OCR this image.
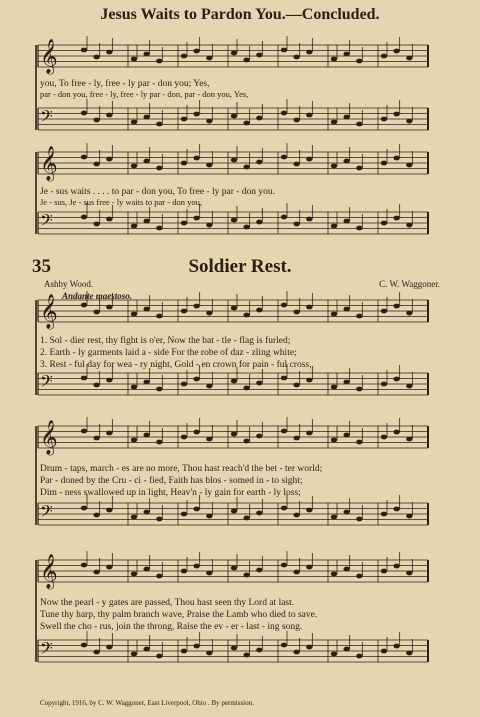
Jesus Waits to Pardon You.—Concluded.
𝄞
𝄢
𝄞
𝄢
𝄞
𝄢
𝄞
𝄢
𝄞
𝄢
you, To free - ly, free - ly par - don you; Yes,
par - don you, free - ly, free - ly par - don, par - don you, Yes,
Je - sus waits . . . . to par - don you, To free - ly par - don you.
Je - sus, Je - sus free - ly waits to par - don you,
35	Soldier Rest.
Ashby Wood.	C. W. Waggoner.
Andante maestoso.
1. Sol - dier rest, thy fight is o'er, Now the bat - tle - flag is furled;
2. Earth - ly garments laid a - side For the robe of daz - zling white;
3. Rest - ful day for wea - ry night, Gold - en crown for pain - ful cross,
Drum - taps, march - es are no more, Thou hast reach'd the bet - ter world;
Par - doned by the Cru - ci - fied, Faith has blos - somed in - to sight;
Dim - ness swallowed up in light, Heav'n - ly gain for earth - ly loss;
Now the pearl - y gates are passed, Thou hast seen thy Lord at last.
Tune thy harp, thy palm branch wave, Praise the Lamb who died to save.
Swell the cho - rus, join the throng, Raise the ev - er - last - ing song.
Copyright, 1916, by C. W. Waggoner, East Liverpool, Ohio . By permission.
